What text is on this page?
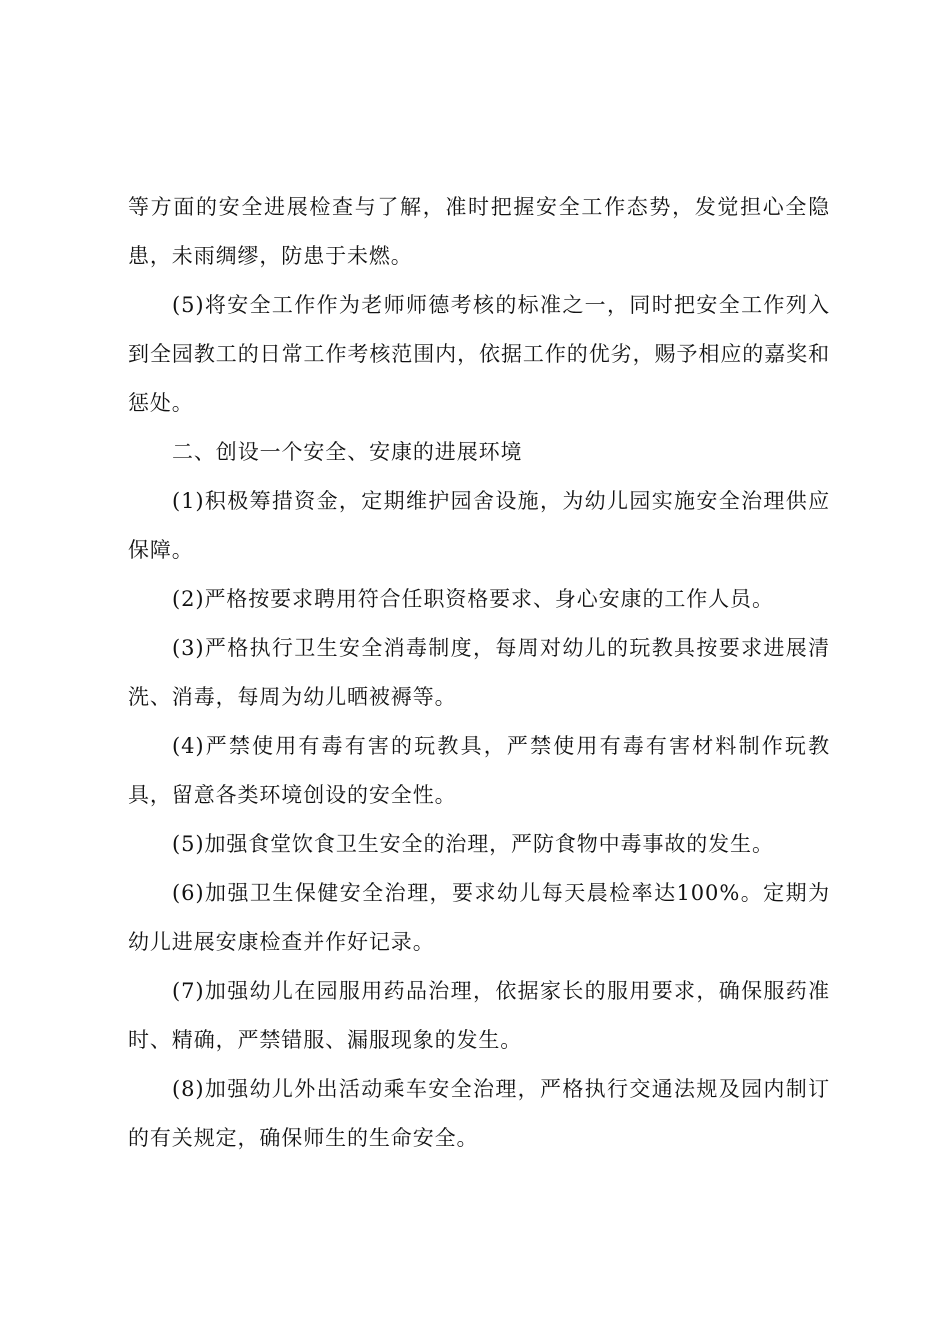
等方面的安全进展检查与了解，准时把握安全工作态势，发觉担心全隐患，未雨绸缪，防患于未燃。

(5)将安全工作作为老师师德考核的标准之一，同时把安全工作列入到全园教工的日常工作考核范围内，依据工作的优劣，赐予相应的嘉奖和惩处。

二、创设一个安全、安康的进展环境

(1)积极筹措资金，定期维护园舍设施，为幼儿园实施安全治理供应保障。

(2)严格按要求聘用符合任职资格要求、身心安康的工作人员。

(3)严格执行卫生安全消毒制度，每周对幼儿的玩教具按要求进展清洗、消毒，每周为幼儿晒被褥等。

(4)严禁使用有毒有害的玩教具，严禁使用有毒有害材料制作玩教具，留意各类环境创设的安全性。

(5)加强食堂饮食卫生安全的治理，严防食物中毒事故的发生。

(6)加强卫生保健安全治理，要求幼儿每天晨检率达100%。定期为幼儿进展安康检查并作好记录。

(7)加强幼儿在园服用药品治理，依据家长的服用要求，确保服药准时、精确，严禁错服、漏服现象的发生。

(8)加强幼儿外出活动乘车安全治理，严格执行交通法规及园内制订的有关规定，确保师生的生命安全。
